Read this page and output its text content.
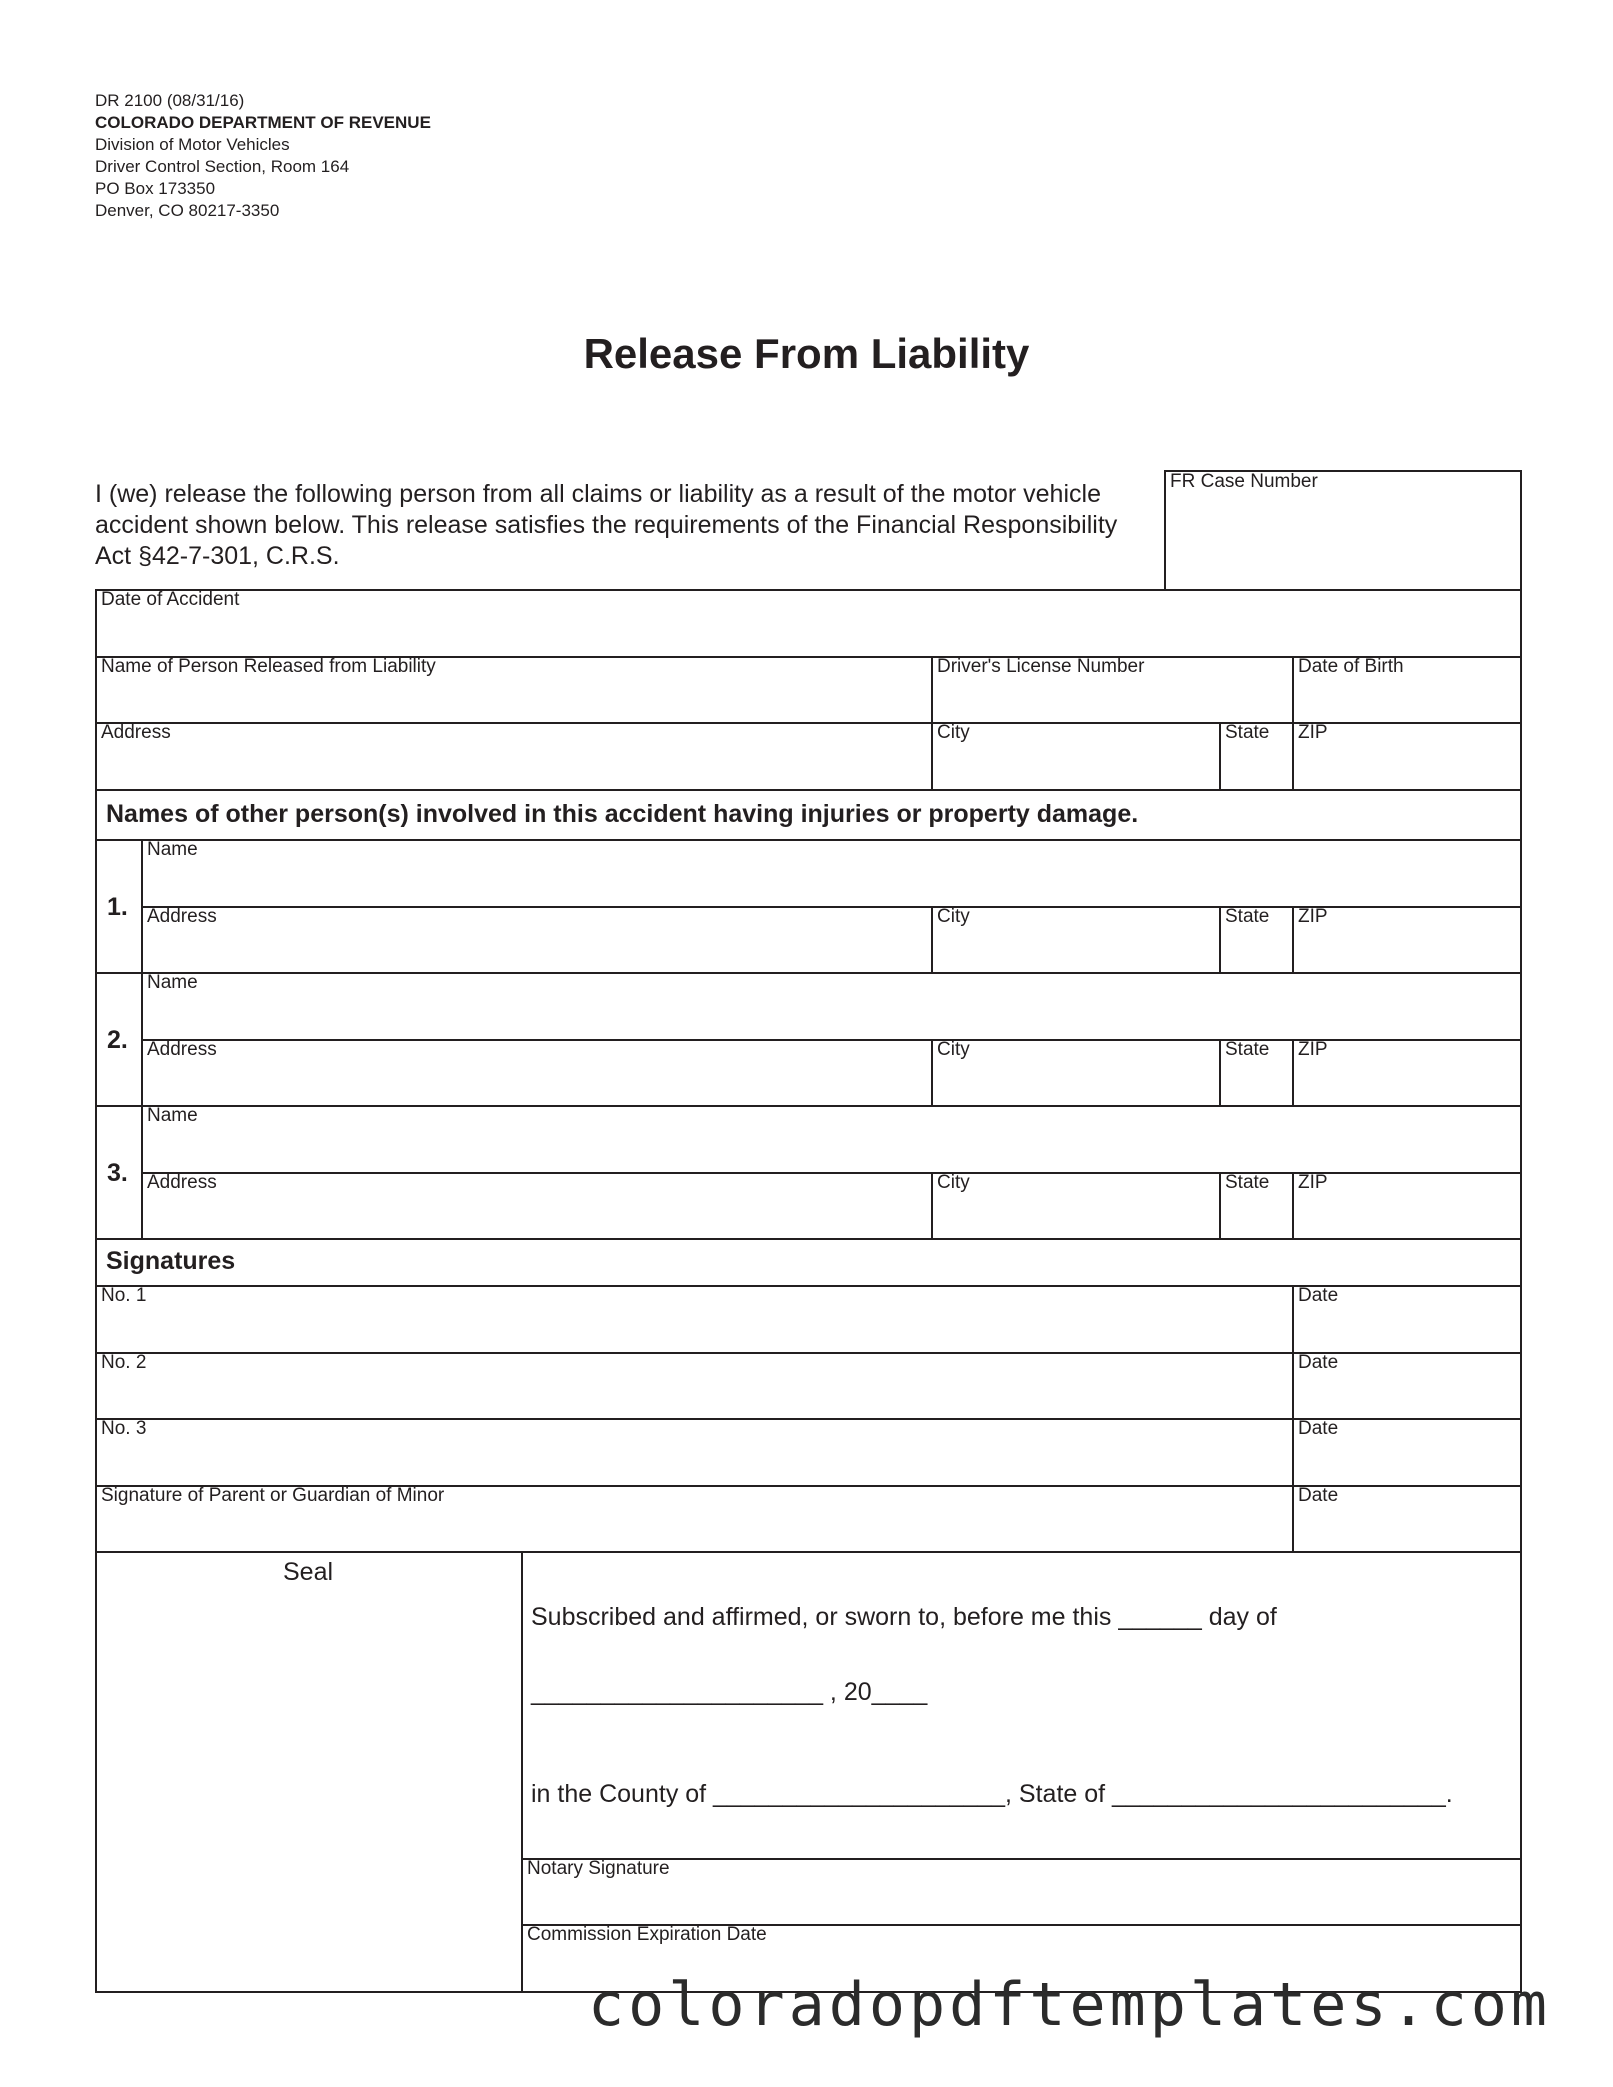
DR 2100 (08/31/16)
COLORADO DEPARTMENT OF REVENUE
Division of Motor Vehicles
Driver Control Section, Room 164
PO Box 173350
Denver, CO 80217-3350
Release From Liability
I (we) release the following person from all claims or liability as a result of the motor vehicle accident shown below. This release satisfies the requirements of the Financial Responsibility Act §42-7-301, C.R.S.
FR Case Number
Date of Accident
Name of Person Released from Liability	Driver's License Number	Date of Birth
Address	City	State ZIP
Names of other person(s) involved in this accident having injuries or property damage.
1.
Name
Address	City	State ZIP
2.
Name
Address	City	State ZIP
3.
Name
Address	City	State ZIP
Signatures
No. 1	Date
No. 2	Date
No. 3	Date
Signature of Parent or Guardian of Minor	Date
Seal
Subscribed and affirmed, or sworn to, before me this ______ day of
_____________________ , 20____
in the County of _____________________, State of ________________________.
Notary Signature
Commission Expiration Date
coloradopdftemplates.com
